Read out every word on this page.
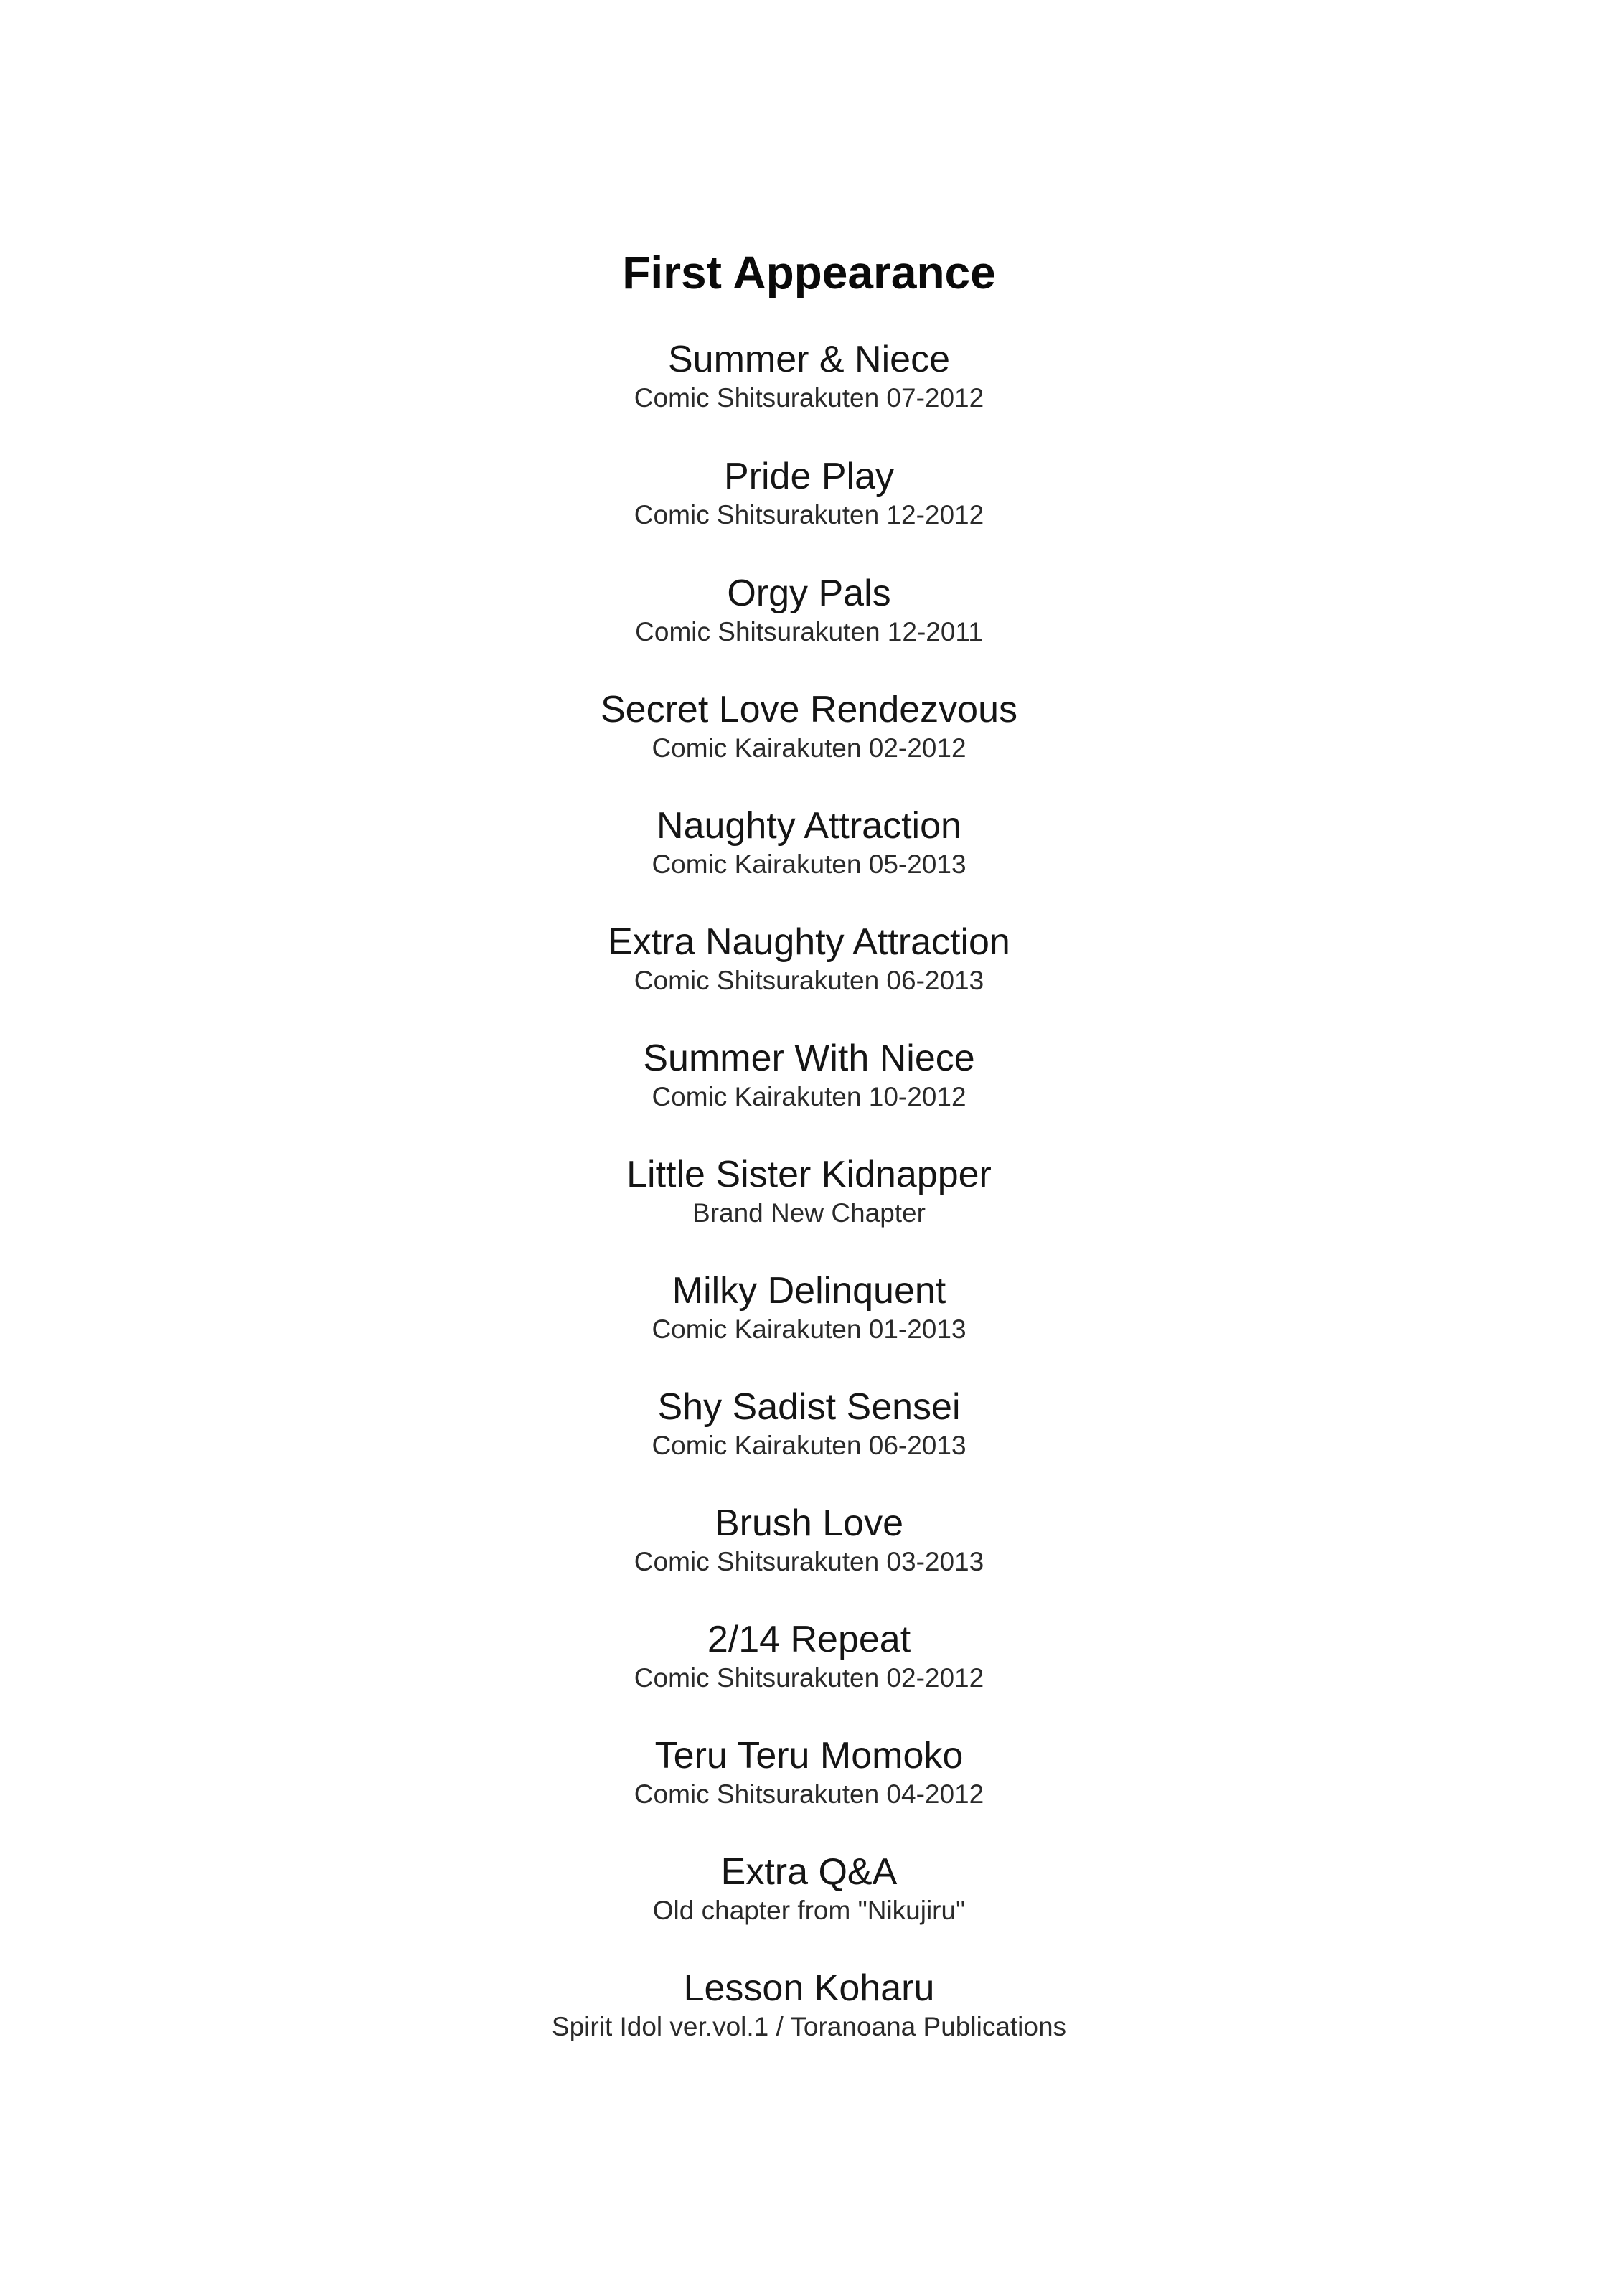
First Appearance
Summer & Niece
Comic Shitsurakuten 07-2012
Pride Play
Comic Shitsurakuten 12-2012
Orgy Pals
Comic Shitsurakuten 12-2011
Secret Love Rendezvous
Comic Kairakuten 02-2012
Naughty Attraction
Comic Kairakuten 05-2013
Extra Naughty Attraction
Comic Shitsurakuten 06-2013
Summer With Niece
Comic Kairakuten 10-2012
Little Sister Kidnapper
Brand New Chapter
Milky Delinquent
Comic Kairakuten 01-2013
Shy Sadist Sensei
Comic Kairakuten 06-2013
Brush Love
Comic Shitsurakuten 03-2013
2/14 Repeat
Comic Shitsurakuten 02-2012
Teru Teru Momoko
Comic Shitsurakuten 04-2012
Extra Q&A
Old chapter from "Nikujiru"
Lesson Koharu
Spirit Idol ver.vol.1 / Toranoana Publications
